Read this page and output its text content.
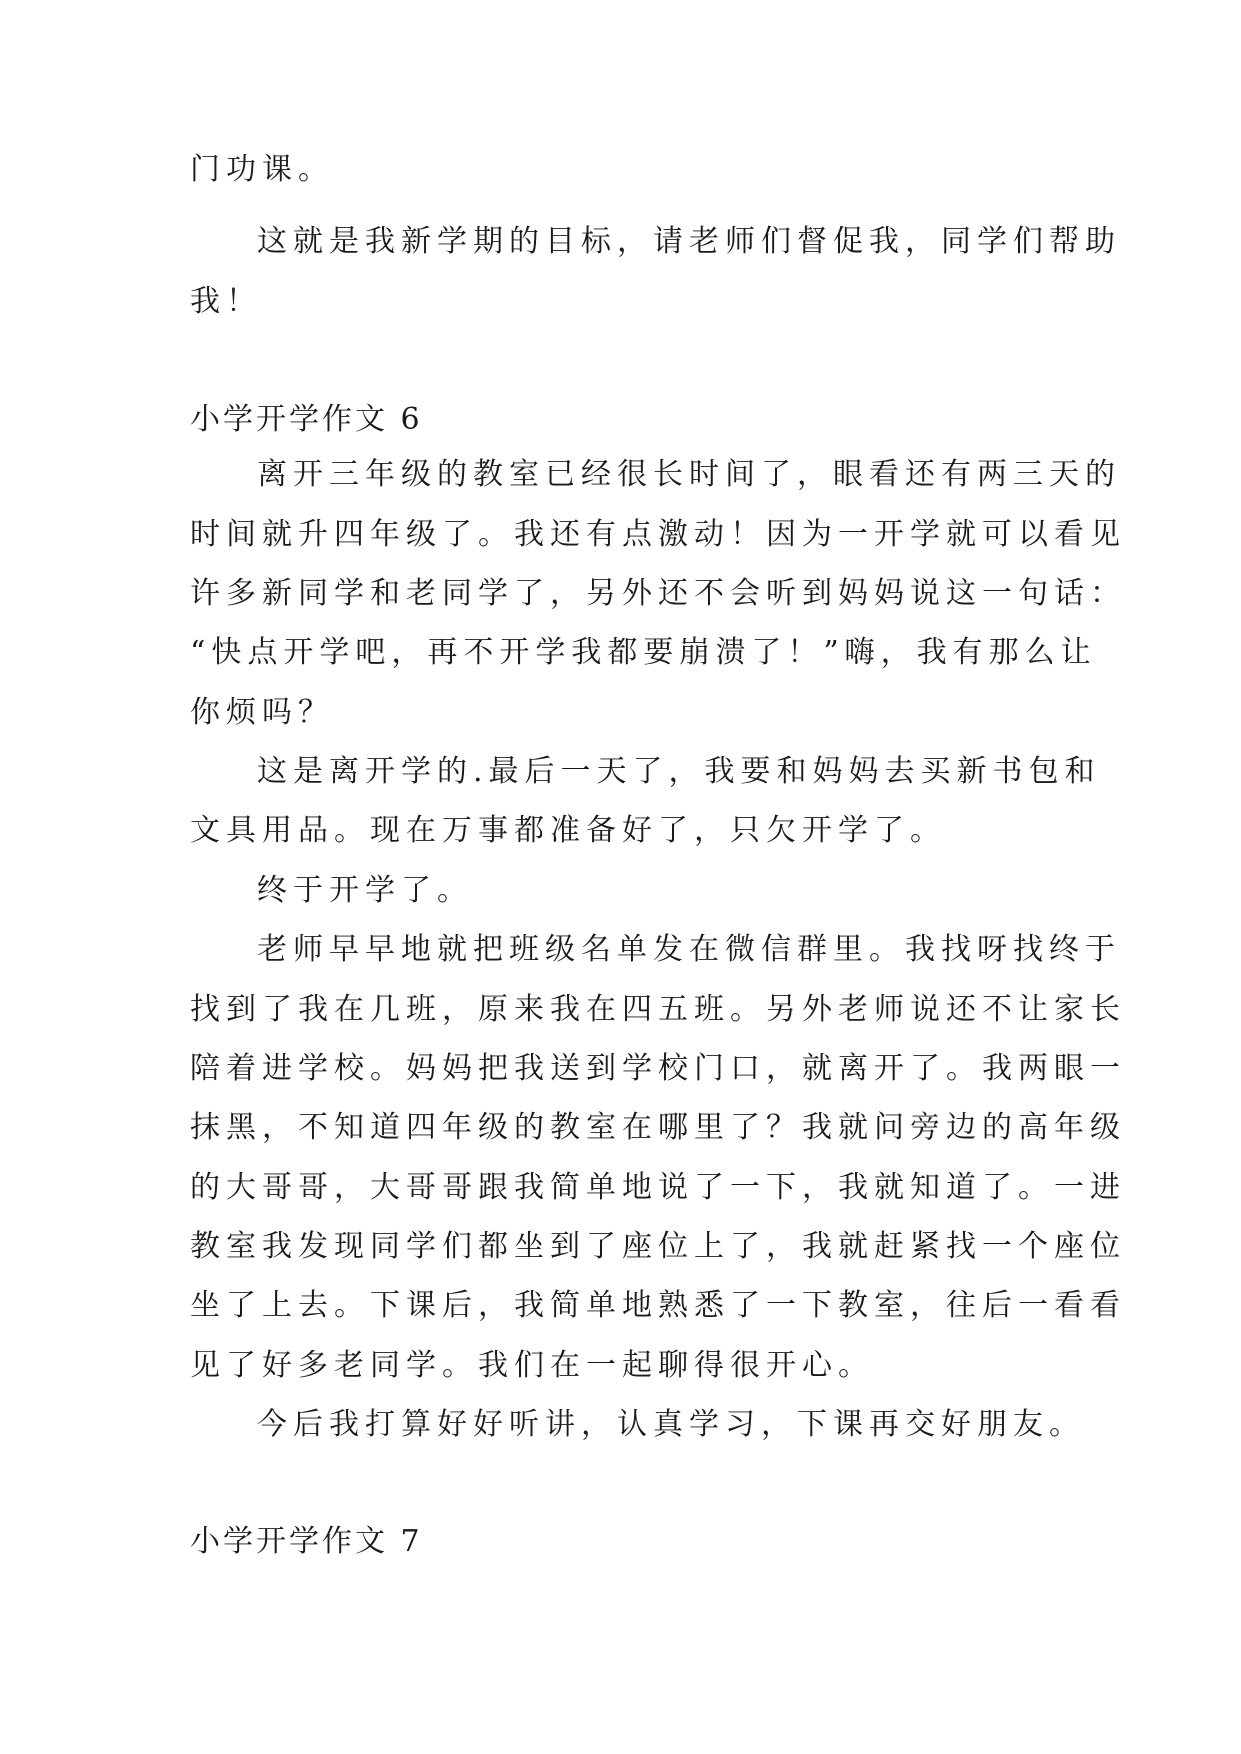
门功课。
这就是我新学期的目标，请老师们督促我，同学们帮助
我！
小学开学作文 6
离开三年级的教室已经很长时间了，眼看还有两三天的
时间就升四年级了。我还有点激动！因为一开学就可以看见
许多新同学和老同学了，另外还不会听到妈妈说这一句话：
“快点开学吧，再不开学我都要崩溃了！”嗨，我有那么让
你烦吗？
这是离开学的.最后一天了，我要和妈妈去买新书包和
文具用品。现在万事都准备好了，只欠开学了。
终于开学了。
老师早早地就把班级名单发在微信群里。我找呀找终于
找到了我在几班，原来我在四五班。另外老师说还不让家长
陪着进学校。妈妈把我送到学校门口，就离开了。我两眼一
抹黑，不知道四年级的教室在哪里了？我就问旁边的高年级
的大哥哥，大哥哥跟我简单地说了一下，我就知道了。一进
教室我发现同学们都坐到了座位上了，我就赶紧找一个座位
坐了上去。下课后，我简单地熟悉了一下教室，往后一看看
见了好多老同学。我们在一起聊得很开心。
今后我打算好好听讲，认真学习，下课再交好朋友。
小学开学作文 7
